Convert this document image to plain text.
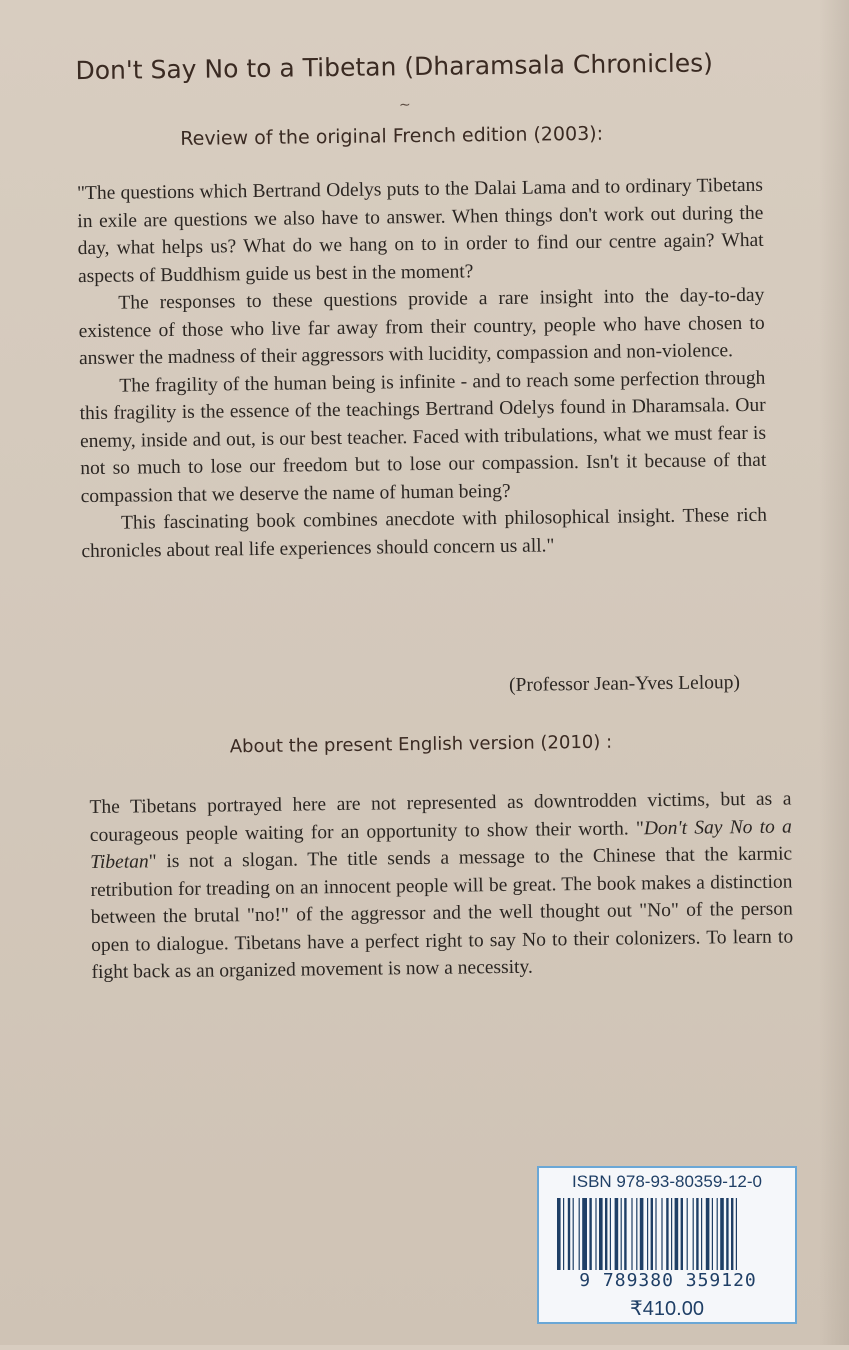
Don't Say No to a Tibetan (Dharamsala Chronicles)
~
Review of the original French edition (2003):

"The questions which Bertrand Odelys puts to the Dalai Lama and to ordinary Tibetans in exile are questions we also have to answer. When things don't work out during the day, what helps us? What do we hang on to in order to find our centre again? What aspects of Buddhism guide us best in the moment?

The responses to these questions provide a rare insight into the day-to-day existence of those who live far away from their country, people who have chosen to answer the madness of their aggressors with lucidity, compassion and non-violence.

The fragility of the human being is infinite - and to reach some perfection through this fragility is the essence of the teachings Bertrand Odelys found in Dharamsala. Our enemy, inside and out, is our best teacher. Faced with tribulations, what we must fear is not so much to lose our freedom but to lose our compassion. Isn't it because of that compassion that we deserve the name of human being?

This fascinating book combines anecdote with philosophical insight. These rich chronicles about real life experiences should concern us all."

(Professor Jean-Yves Leloup)
About the present English version (2010) :

The Tibetans portrayed here are not represented as downtrodden victims, but as a courageous people waiting for an opportunity to show their worth. "Don't Say No to a Tibetan" is not a slogan. The title sends a message to the Chinese that the karmic retribution for treading on an innocent people will be great. The book makes a distinction between the brutal "no!" of the aggressor and the well thought out "No" of the person open to dialogue. Tibetans have a perfect right to say No to their colonizers. To learn to fight back as an organized movement is now a necessity.

ISBN 978-93-80359-12-0
9 789380 359120
₹410.00
